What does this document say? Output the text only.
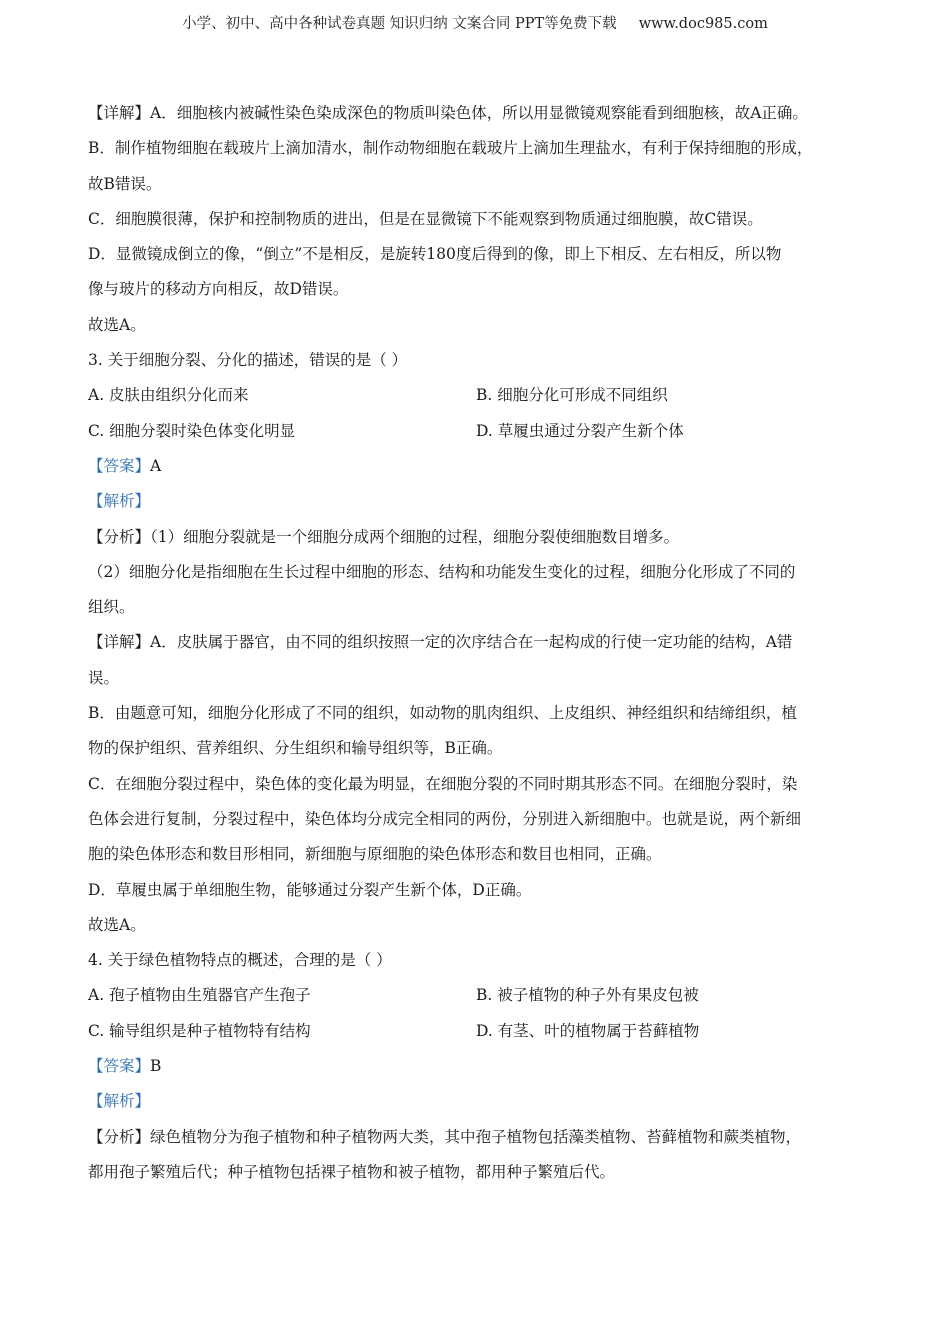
小学、初中、高中各种试卷真题 知识归纳 文案合同 PPT等免费下载 www.doc985.com
【详解】A．细胞核内被碱性染色染成深色的物质叫染色体，所以用显微镜观察能看到细胞核，故A正确。
B．制作植物细胞在载玻片上滴加清水，制作动物细胞在载玻片上滴加生理盐水，有利于保持细胞的形成，
故B错误。
C．细胞膜很薄，保护和控制物质的进出，但是在显微镜下不能观察到物质通过细胞膜，故C错误。
D．显微镜成倒立的像，“倒立”不是相反，是旋转180度后得到的像，即上下相反、左右相反，所以物
像与玻片的移动方向相反，故D错误。
故选A。
3. 关于细胞分裂、分化的描述，错误的是（ ）
A. 皮肤由组织分化而来	B. 细胞分化可形成不同组织
C. 细胞分裂时染色体变化明显	D. 草履虫通过分裂产生新个体
【答案】A
【解析】
【分析】（1）细胞分裂就是一个细胞分成两个细胞的过程，细胞分裂使细胞数目增多。
（2）细胞分化是指细胞在生长过程中细胞的形态、结构和功能发生变化的过程，细胞分化形成了不同的
组织。
【详解】A．皮肤属于器官，由不同的组织按照一定的次序结合在一起构成的行使一定功能的结构，A错
误。
B．由题意可知，细胞分化形成了不同的组织，如动物的肌肉组织、上皮组织、神经组织和结缔组织，植
物的保护组织、营养组织、分生组织和输导组织等，B正确。
C．在细胞分裂过程中，染色体的变化最为明显，在细胞分裂的不同时期其形态不同。在细胞分裂时，染
色体会进行复制，分裂过程中，染色体均分成完全相同的两份，分别进入新细胞中。也就是说，两个新细
胞的染色体形态和数目形相同，新细胞与原细胞的染色体形态和数目也相同，正确。
D．草履虫属于单细胞生物，能够通过分裂产生新个体，D正确。
故选A。
4. 关于绿色植物特点的概述，合理的是（ ）
A. 孢子植物由生殖器官产生孢子	B. 被子植物的种子外有果皮包被
C. 输导组织是种子植物特有结构	D. 有茎、叶的植物属于苔藓植物
【答案】B
【解析】
【分析】绿色植物分为孢子植物和种子植物两大类，其中孢子植物包括藻类植物、苔藓植物和蕨类植物，
都用孢子繁殖后代；种子植物包括裸子植物和被子植物，都用种子繁殖后代。
